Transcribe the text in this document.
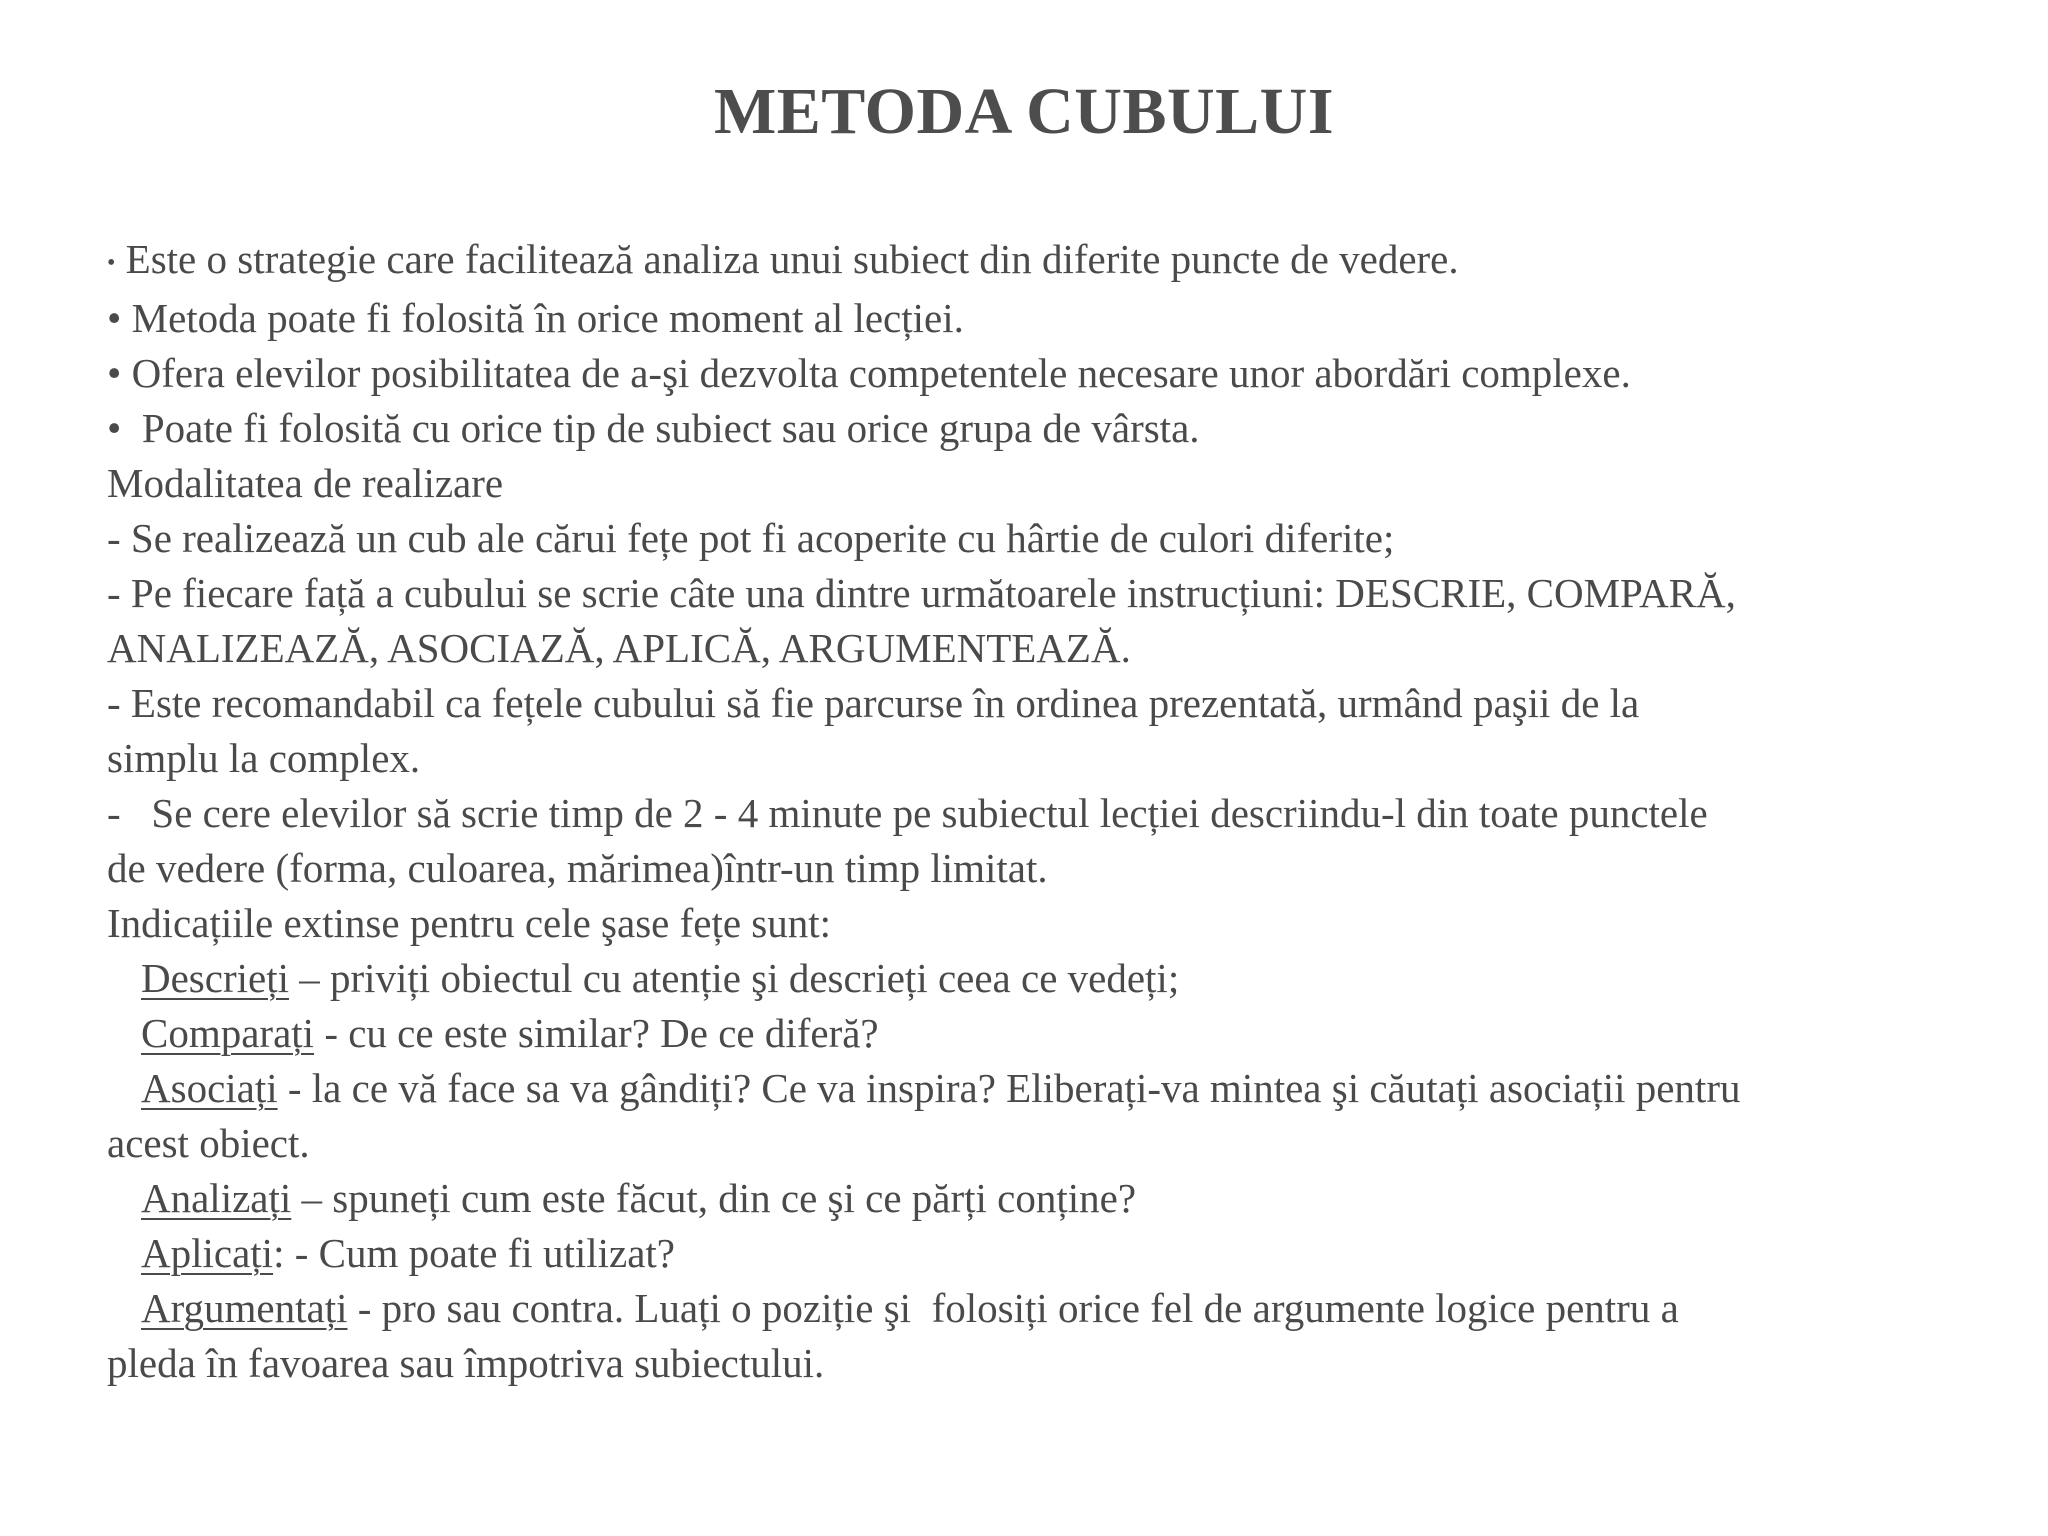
METODA CUBULUI
• Este o strategie care facilitează analiza unui subiect din diferite puncte de vedere.
• Metoda poate fi folosită în orice moment al lecției.
• Ofera elevilor posibilitatea de a-şi dezvolta competentele necesare unor abordări complexe.
•  Poate fi folosită cu orice tip de subiect sau orice grupa de vârsta.
Modalitatea de realizare
- Se realizează un cub ale cărui fețe pot fi acoperite cu hârtie de culori diferite;
- Pe fiecare față a cubului se scrie câte una dintre următoarele instrucțiuni: DESCRIE, COMPARĂ,
ANALIZEAZĂ, ASOCIAZĂ, APLICĂ, ARGUMENTEAZĂ.
- Este recomandabil ca fețele cubului să fie parcurse în ordinea prezentată, urmând paşii de la
simplu la complex.
-   Se cere elevilor să scrie timp de 2 - 4 minute pe subiectul lecției descriindu-l din toate punctele
de vedere (forma, culoarea, mărimea)într-un timp limitat.
Indicațiile extinse pentru cele şase fețe sunt:
Descrieți – priviți obiectul cu atenție şi descrieți ceea ce vedeți;
Comparați - cu ce este similar? De ce diferă?
Asociați - la ce vă face sa va gândiți? Ce va inspira? Eliberați-va mintea şi căutați asociații pentru
acest obiect.
Analizați – spuneți cum este făcut, din ce şi ce părți conține?
Aplicați: - Cum poate fi utilizat?
Argumentați - pro sau contra. Luați o poziție şi  folosiți orice fel de argumente logice pentru a
pleda în favoarea sau împotriva subiectului.
